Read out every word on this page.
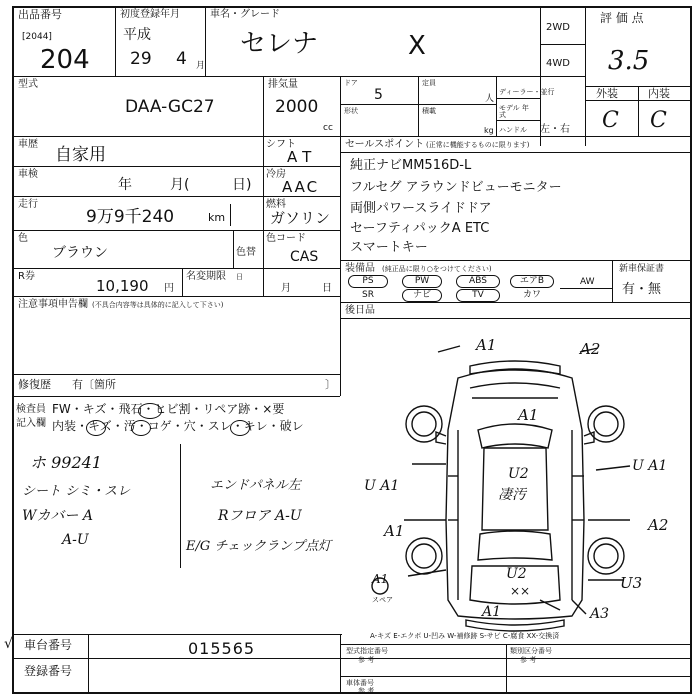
出品番号
[2044]
204
初度登録年月
平成
29 4 月
車名・グレード
セレナ	X
2WD
4WD
評 価 点
3.5
型式
DAA-GC27
排気量
2000
cc
ドア
5
定員
人
形状	積載
kg
ディーラー・並行
モデル 年式
ハンドル 左・右
外装	内装
C C
車歴
自家用
シフト
AT
車検
年	月(	日)
冷房
AAC
走行
9万9千240	km
燃料
ガソリン
色
ブラウン	色替
色コード
CAS
R券
10,190 円
名変期限 日
月	日
注意事項申告欄 (不具合内容等は具体的に記入して下さい)
修復歴 有〔箇所	〕
検査員
記入欄
FW・キズ・飛石・ヒビ割・リペア跡・×要
内装・キズ・汚・コゲ・穴・スレ・キレ・破レ
ホ 99241
シート シミ・スレ
Wカバー A
A-U
エンドパネル左
Rフロア A-U
E/G チェックランプ点灯
セールスポイント (正常に機能するものに限ります)
純正ナビMM516D-L
フルセグ アラウンドビューモニター
両側パワースライドドア
セーフティパックA ETC
スマートキー
装備品 (純正品に限り○をつけてください)	新車保証書
有・無
PS	PW	ABS	エアB	AW
SR	ナビ	TV	カワ
後日品
A1	A2
A1
A1	A2
U2
凄汚
U2
××	U3
A1	A3
U A1
U A1
A1
スペア
A-キズ E-エクボ U-凹み W-補修跡 S-サビ C-腐食 XX-交換済
√ 車台番号	015565
登録番号
型式指定番号
参 考
類別区分番号
参 考
車体番号
参 考
